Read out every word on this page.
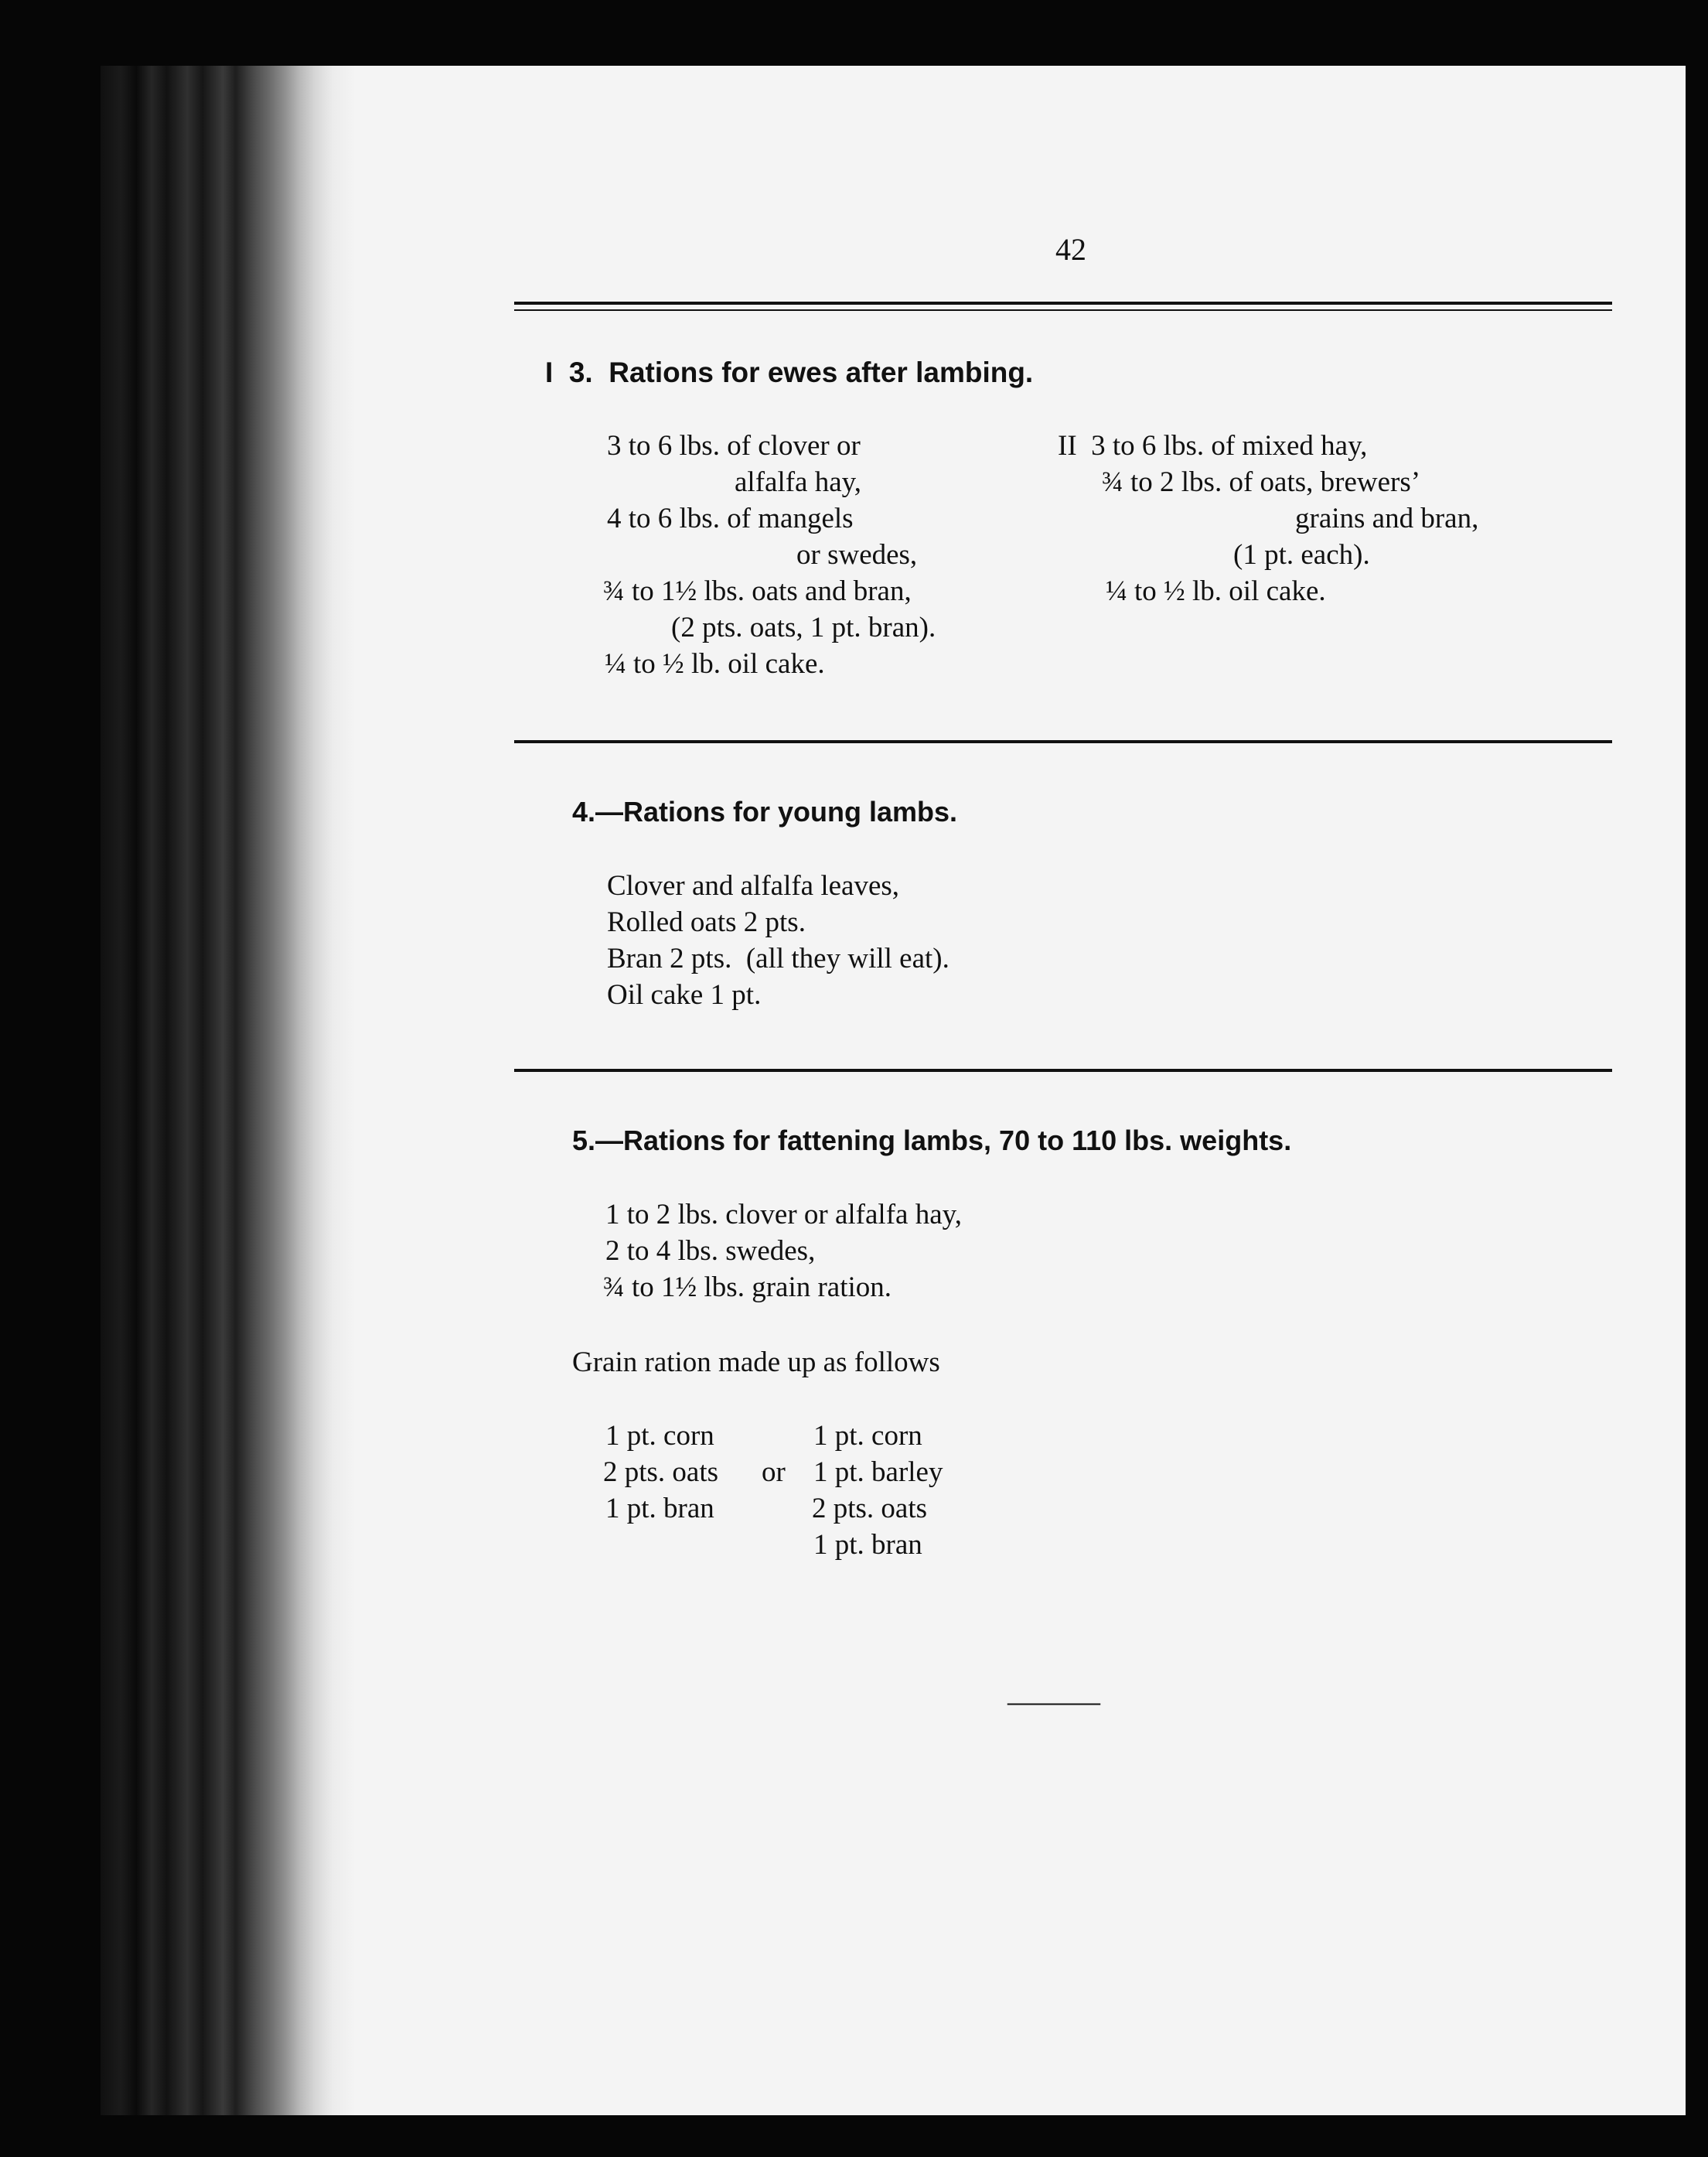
42
I  3.  Rations for ewes after lambing.
3 to 6 lbs. of clover or
alfalfa hay,
4 to 6 lbs. of mangels
or swedes,
¾ to 1½ lbs. oats and bran,
(2 pts. oats, 1 pt. bran).
¼ to ½ lb. oil cake.
II  3 to 6 lbs. of mixed hay,
¾ to 2 lbs. of oats, brewers’
grains and bran,
(1 pt. each).
¼ to ½ lb. oil cake.
4.—Rations for young lambs.
Clover and alfalfa leaves,
Rolled oats 2 pts.
Bran 2 pts.  (all they will eat).
Oil cake 1 pt.
5.—Rations for fattening lambs, 70 to 110 lbs. weights.
1 to 2 lbs. clover or alfalfa hay,
2 to 4 lbs. swedes,
¾ to 1½ lbs. grain ration.
Grain ration made up as follows
1 pt. corn
2 pts. oats
1 pt. bran
or
1 pt. corn
1 pt. barley
2 pts. oats
1 pt. bran
———
